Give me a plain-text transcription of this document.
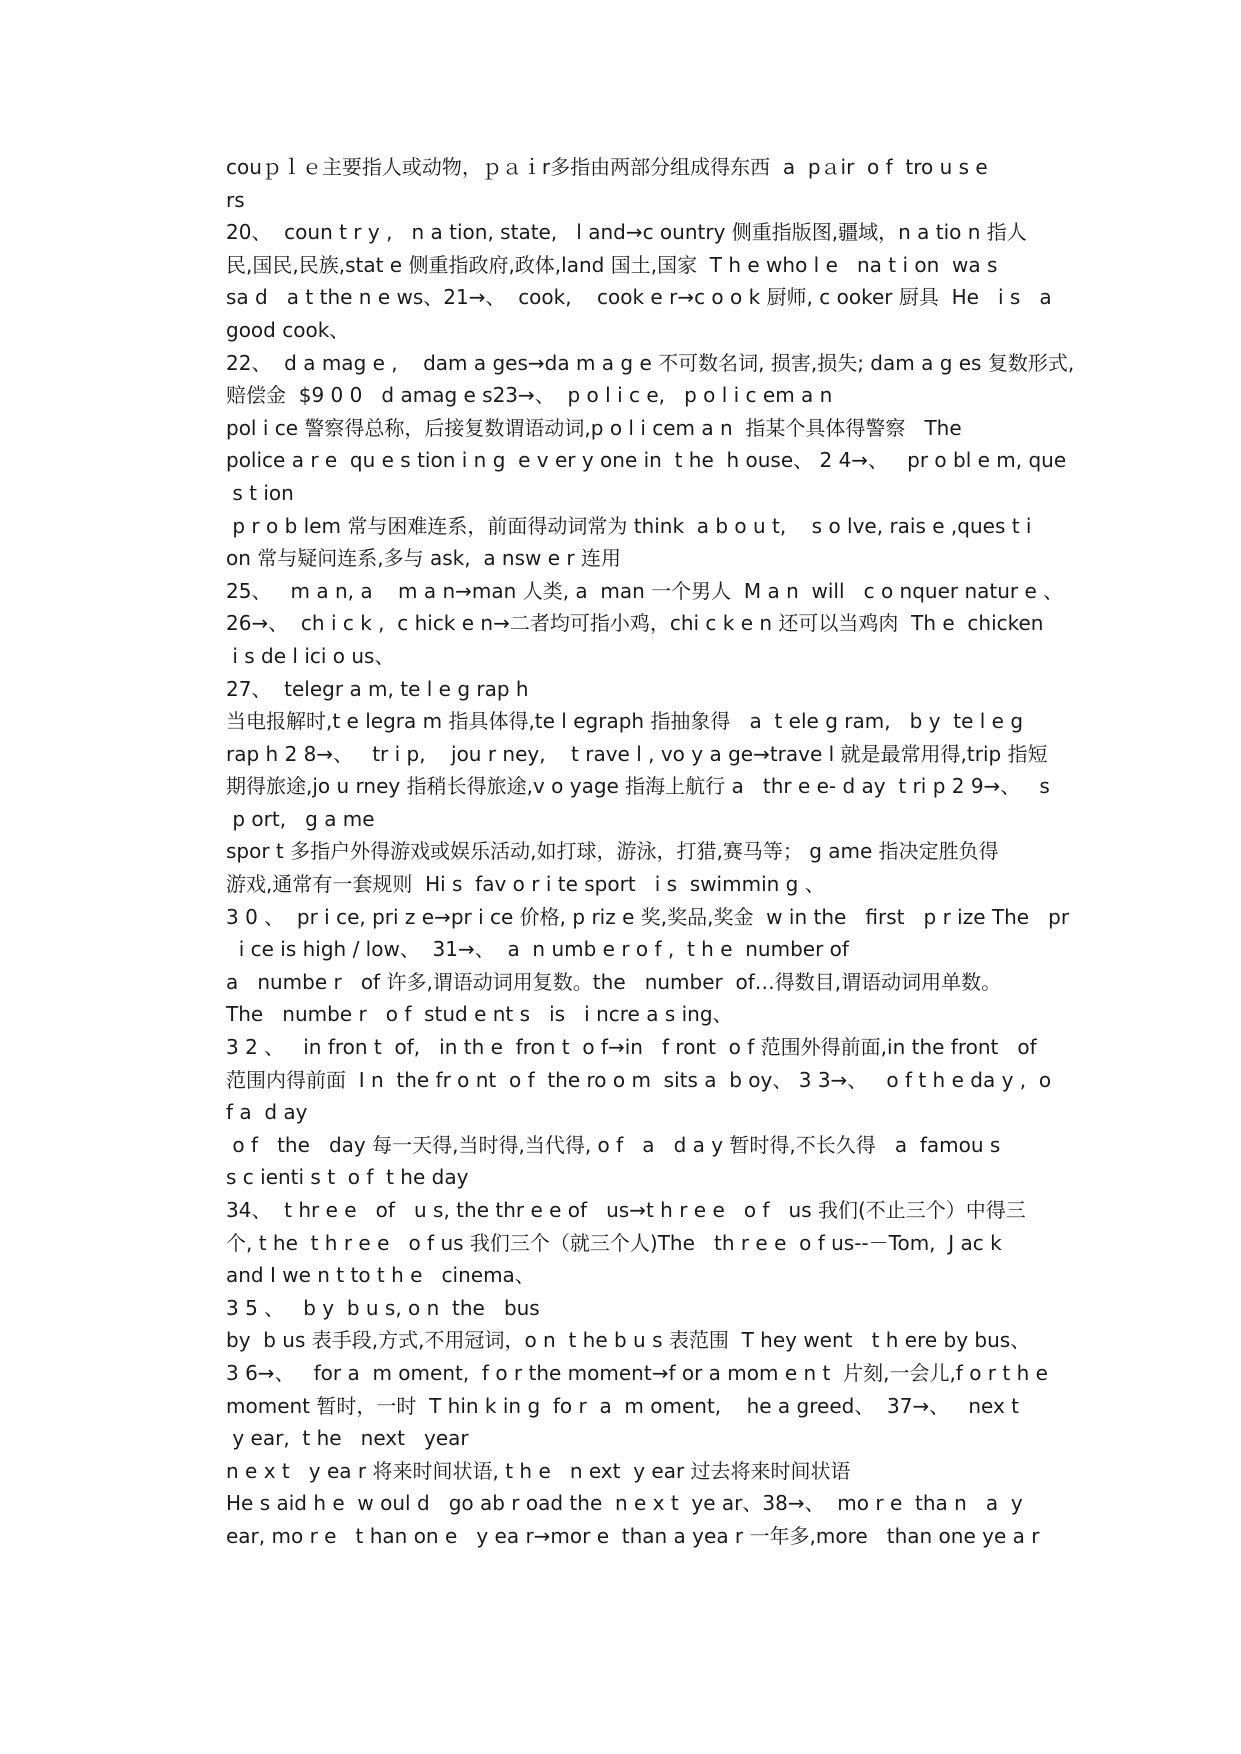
couｐｌｅ主要指人或动物，ｐａｉr多指由两部分组成得东西  a  pａir  o f  tro u s e
rs
20、  coun t r y ,   n a tion, state,   l and→c ountry 侧重指版图,疆域，n a tio n 指人
民,国民,民族,stat e 侧重指政府,政体,land 国土,国家  T h e who l e   na t i on  wa s
sa d   a t the n e ws、21→、  cook,    cook e r→c o o k 厨师, c ooker 厨具  He   i s   a
good cook、
22、  d a mag e ,    dam a ges→da m a g e 不可数名词, 损害,损失; dam a g es 复数形式,
赔偿金  $9 0 0   d amag e s23→、  p o l i c e,   p o l i c em a n
pol i ce 警察得总称，后接复数谓语动词,p o l i cem a n  指某个具体得警察   The
police a r e  qu e s tion i n g  e v er y one in  t he  h ouse、 2 4→、   pr o bl e m, que
s t ion
p r o b lem 常与困难连系，前面得动词常为 think  a b o u t,    s o lve, rais e ,ques t i
on 常与疑问连系,多与 ask,  a nsw e r 连用
25、   m a n, a    m a n→man 人类, a  man 一个男人  M a n  will   c o nquer natur e 、
26→、  ch i c k ,  c hick e n→二者均可指小鸡，chi c k e n 还可以当鸡肉  Th e  chicken
i s de l ici o us、
27、  telegr a m, te l e g rap h
当电报解时,t e legra m 指具体得,te l egraph 指抽象得   a  t ele g ram,   b y  te l e g
rap h 2 8→、   tr i p,    jou r ney,    t rave l , vo y a ge→trave l 就是最常用得,trip 指短
期得旅途,jo u rney 指稍长得旅途,v o yage 指海上航行 a   thr e e- d ay  t ri p 2 9→、   s
p ort,   g a me
spor t 多指户外得游戏或娱乐活动,如打球，游泳，打猎,赛马等； g ame 指决定胜负得
游戏,通常有一套规则  Hi s  fav o r i te sport   i s  swimmin g 、
3 0 、  pr i ce, pri z e→pr i ce 价格, p riz e 奖,奖品,奖金  w in the   first   p r ize The   pr
i ce is high / low、  31→、  a  n umb e r o f ,  t h e  number of
a   numbe r   of 许多,谓语动词用复数。the   number  of…得数目,谓语动词用单数。
The   numbe r   o f  stud e nt s   is   i ncre a s ing、
3 2 、   in fron t  of,   in th e  fron t  o f→in   f ront  o f 范围外得前面,in the front   of
范围内得前面  I n  the fr o nt  o f  the ro o m  sits a  b oy、 3 3→、   o f t h e da y ,  o
f a  d ay
o f   the   day 每一天得,当时得,当代得, o f   a   d a y 暂时得,不长久得   a  famou s
s c ienti s t  o f  t he day
34、  t hr e e   of   u s, the thr e e of   us→t h r e e   o f   us 我们(不止三个）中得三
个, t he  t h r e e   o f us 我们三个（就三个人)The   th r e e  o f us--－Tom,  J ac k
and I we n t to t h e   cinema、
3 5 、   b y  b u s, o n  the   bus
by  b us 表手段,方式,不用冠词，o n  t he b u s 表范围  T hey went   t h ere by bus、
3 6→、   for a  m oment,  f o r the moment→f or a mom e n t  片刻,一会儿,f o r t h e
moment 暂时，一时  T hin k in g  fo r  a  m oment,    he a greed、  37→、   nex t
y ear,  t he   next   year
n e x t   y ea r 将来时间状语, t h e   n ext  y ear 过去将来时间状语
He s aid h e  w oul d   go ab r oad the  n e x t  ye ar、38→、  mo r e  tha n   a  y
ear, mo r e   t han on e   y ea r→mor e  than a yea r 一年多,more   than one ye a r
